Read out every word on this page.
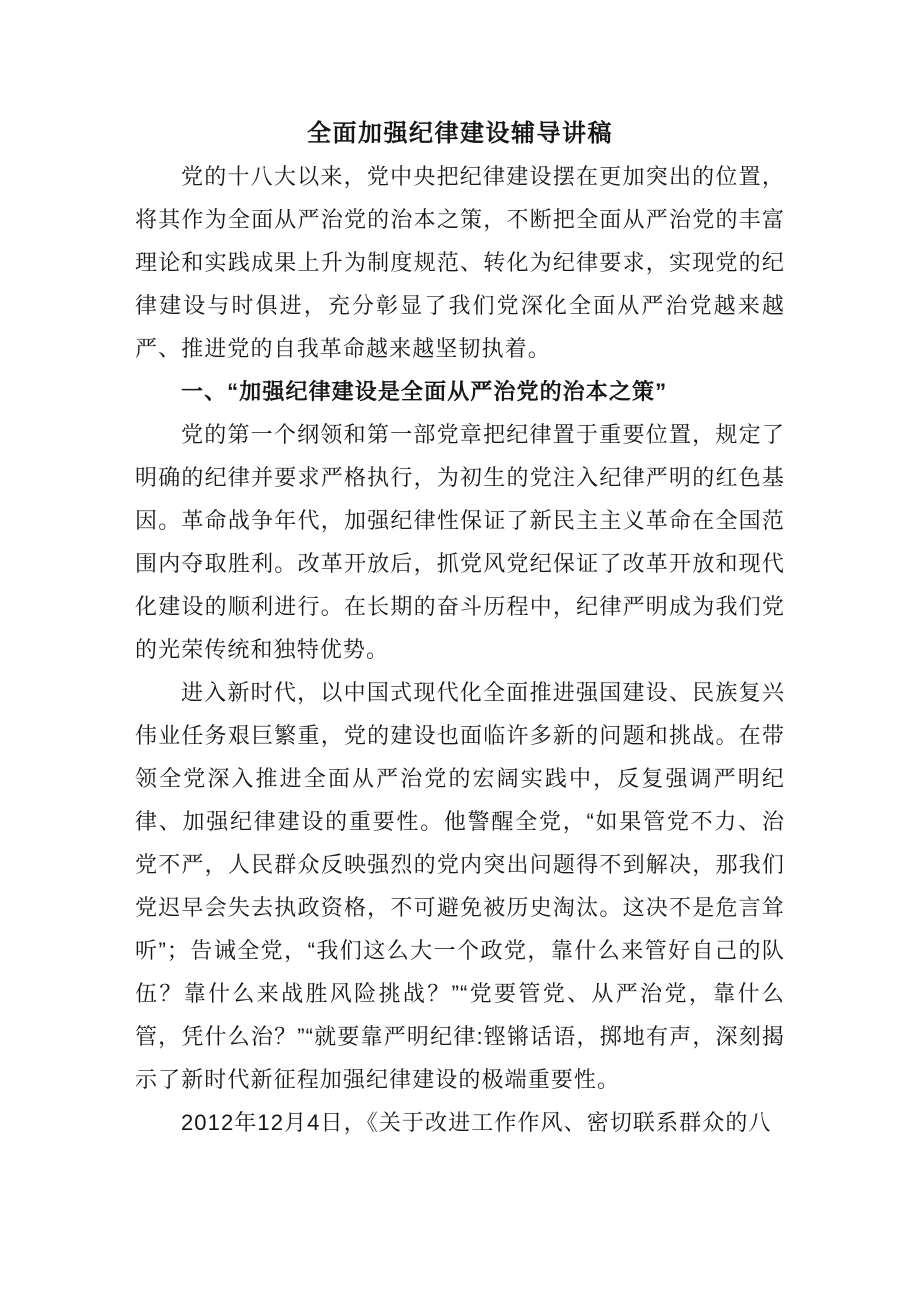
全面加强纪律建设辅导讲稿

党的十八大以来，党中央把纪律建设摆在更加突出的位置，将其作为全面从严治党的治本之策，不断把全面从严治党的丰富理论和实践成果上升为制度规范、转化为纪律要求，实现党的纪律建设与时俱进，充分彰显了我们党深化全面从严治党越来越严、推进党的自我革命越来越坚韧执着。

一、“加强纪律建设是全面从严治党的治本之策”

党的第一个纲领和第一部党章把纪律置于重要位置，规定了明确的纪律并要求严格执行，为初生的党注入纪律严明的红色基因。革命战争年代，加强纪律性保证了新民主主义革命在全国范围内夺取胜利。改革开放后，抓党风党纪保证了改革开放和现代化建设的顺利进行。在长期的奋斗历程中，纪律严明成为我们党的光荣传统和独特优势。

进入新时代，以中国式现代化全面推进强国建设、民族复兴伟业任务艰巨繁重，党的建设也面临许多新的问题和挑战。在带领全党深入推进全面从严治党的宏阔实践中，反复强调严明纪律、加强纪律建设的重要性。他警醒全党，“如果管党不力、治党不严，人民群众反映强烈的党内突出问题得不到解决，那我们党迟早会失去执政资格，不可避免被历史淘汰。这决不是危言耸听”；告诫全党，“我们这么大一个政党，靠什么来管好自己的队伍？靠什么来战胜风险挑战？”“党要管党、从严治党，靠什么管，凭什么治？”“就要靠严明纪律:铿锵话语，掷地有声，深刻揭示了新时代新征程加强纪律建设的极端重要性。

2012年12月4日，《关于改进工作作风、密切联系群众的八
